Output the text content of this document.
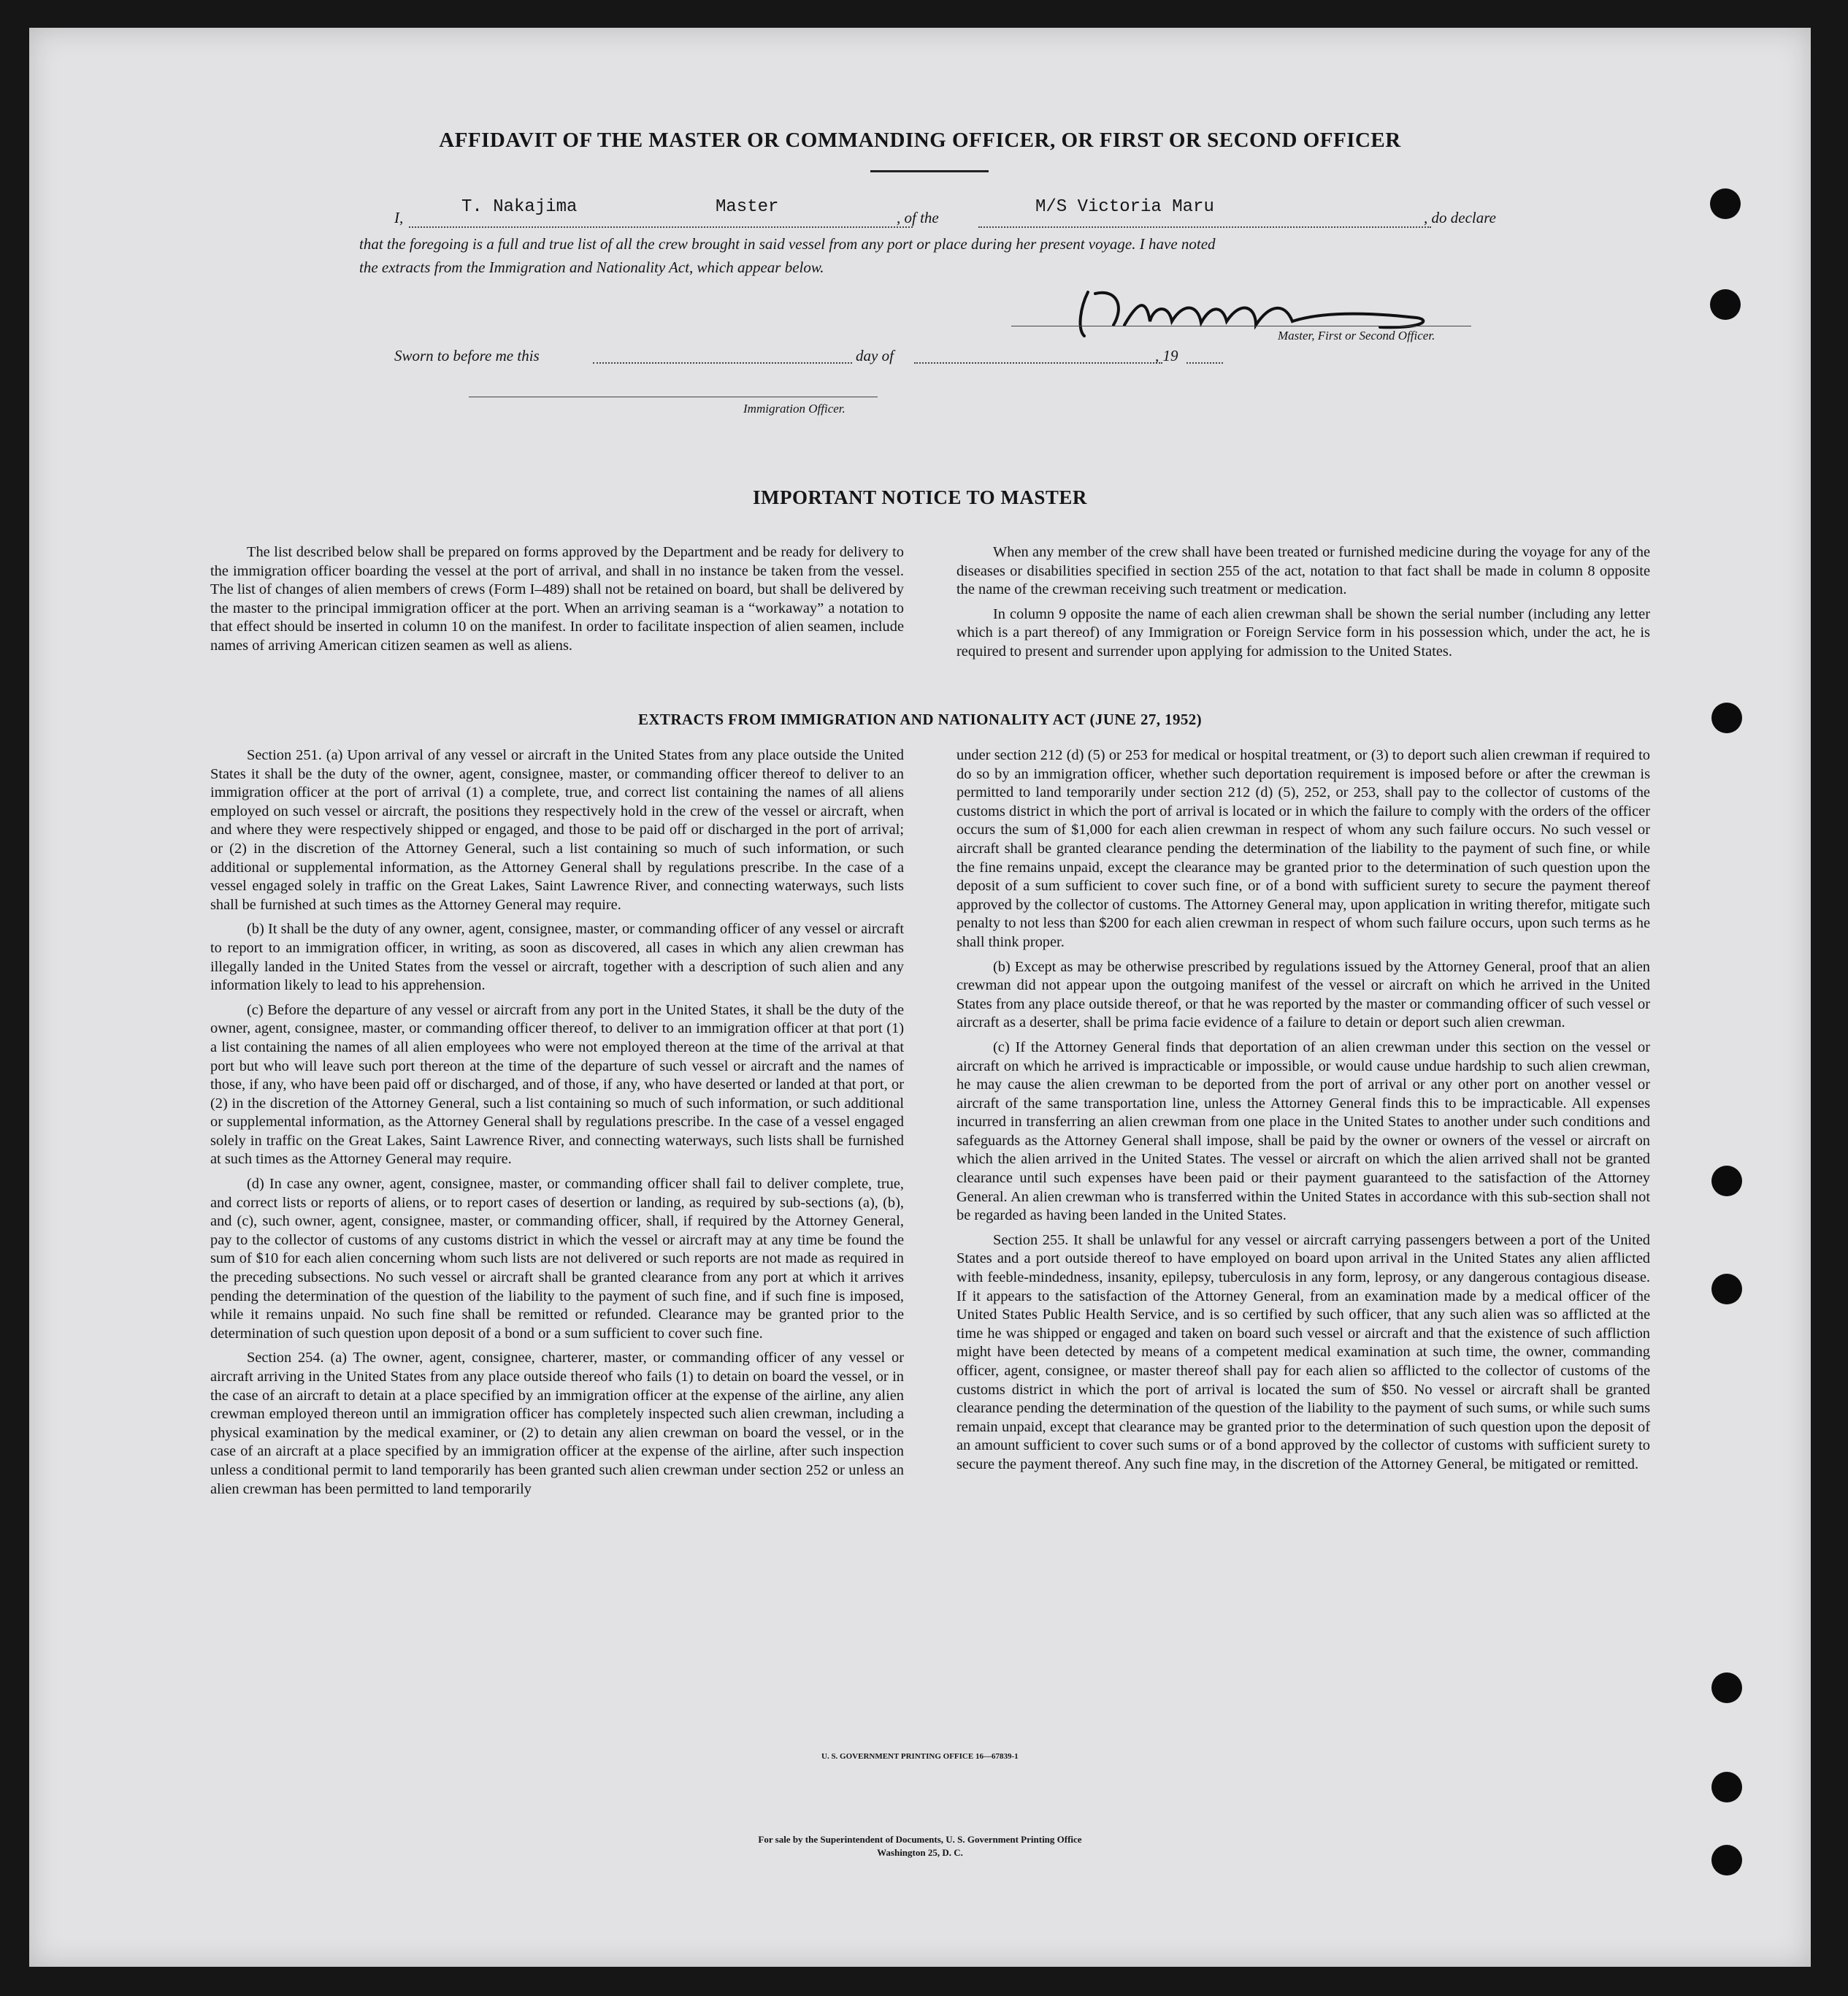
AFFIDAVIT OF THE MASTER OR COMMANDING OFFICER, OR FIRST OR SECOND OFFICER
I,
T. Nakajima	Master
, of the
M/S Victoria Maru
, do declare
that the foregoing is a full and true list of all the crew brought in said vessel from any port or place during her present voyage. I have noted
the extracts from the Immigration and Nationality Act, which appear below.
Master, First or Second Officer.
Sworn to before me this	day of	, 19
Immigration Officer.
IMPORTANT NOTICE TO MASTER

The list described below shall be prepared on forms approved by the Department and be ready for delivery to the immigration officer boarding the vessel at the port of arrival, and shall in no instance be taken from the vessel. The list of changes of alien members of crews (Form I–489) shall not be retained on board, but shall be delivered by the master to the principal immigration officer at the port. When an arriving seaman is a “workaway” a notation to that effect should be inserted in column 10 on the manifest. In order to facilitate inspection of alien seamen, include names of arriving American citizen seamen as well as aliens.

When any member of the crew shall have been treated or furnished medicine during the voyage for any of the diseases or disabilities specified in section 255 of the act, notation to that fact shall be made in column 8 opposite the name of the crewman receiving such treatment or medication.

In column 9 opposite the name of each alien crewman shall be shown the serial number (including any letter which is a part thereof) of any Immigration or Foreign Service form in his possession which, under the act, he is required to present and surrender upon applying for admission to the United States.

EXTRACTS FROM IMMIGRATION AND NATIONALITY ACT (JUNE 27, 1952)

Section 251. (a) Upon arrival of any vessel or aircraft in the United States from any place outside the United States it shall be the duty of the owner, agent, consignee, master, or commanding officer thereof to deliver to an immigration officer at the port of arrival (1) a complete, true, and correct list containing the names of all aliens employed on such vessel or aircraft, the positions they respectively hold in the crew of the vessel or aircraft, when and where they were respectively shipped or engaged, and those to be paid off or discharged in the port of arrival; or (2) in the discretion of the Attorney General, such a list containing so much of such information, or such additional or supplemental information, as the Attorney General shall by regulations prescribe. In the case of a vessel engaged solely in traffic on the Great Lakes, Saint Lawrence River, and connecting waterways, such lists shall be furnished at such times as the Attorney General may require.

(b) It shall be the duty of any owner, agent, consignee, master, or commanding officer of any vessel or aircraft to report to an immigration officer, in writing, as soon as discovered, all cases in which any alien crewman has illegally landed in the United States from the vessel or aircraft, together with a description of such alien and any information likely to lead to his apprehension.

(c) Before the departure of any vessel or aircraft from any port in the United States, it shall be the duty of the owner, agent, consignee, master, or commanding officer thereof, to deliver to an immigration officer at that port (1) a list containing the names of all alien employees who were not employed thereon at the time of the arrival at that port but who will leave such port thereon at the time of the departure of such vessel or aircraft and the names of those, if any, who have been paid off or discharged, and of those, if any, who have deserted or landed at that port, or (2) in the discretion of the Attorney General, such a list containing so much of such information, or such additional or supplemental information, as the Attorney General shall by regulations prescribe. In the case of a vessel engaged solely in traffic on the Great Lakes, Saint Lawrence River, and connecting waterways, such lists shall be furnished at such times as the Attorney General may require.

(d) In case any owner, agent, consignee, master, or commanding officer shall fail to deliver complete, true, and correct lists or reports of aliens, or to report cases of desertion or landing, as required by sub-sections (a), (b), and (c), such owner, agent, consignee, master, or commanding officer, shall, if required by the Attorney General, pay to the collector of customs of any customs district in which the vessel or aircraft may at any time be found the sum of $10 for each alien concerning whom such lists are not delivered or such reports are not made as required in the preceding subsections. No such vessel or aircraft shall be granted clearance from any port at which it arrives pending the determination of the question of the liability to the payment of such fine, and if such fine is imposed, while it remains unpaid. No such fine shall be remitted or refunded. Clearance may be granted prior to the determination of such question upon deposit of a bond or a sum sufficient to cover such fine.

Section 254. (a) The owner, agent, consignee, charterer, master, or commanding officer of any vessel or aircraft arriving in the United States from any place outside thereof who fails (1) to detain on board the vessel, or in the case of an aircraft to detain at a place specified by an immigration officer at the expense of the airline, any alien crewman employed thereon until an immigration officer has completely inspected such alien crewman, including a physical examination by the medical examiner, or (2) to detain any alien crewman on board the vessel, or in the case of an aircraft at a place specified by an immigration officer at the expense of the airline, after such inspection unless a conditional permit to land temporarily has been granted such alien crewman under section 252 or unless an alien crewman has been permitted to land temporarily

under section 212 (d) (5) or 253 for medical or hospital treatment, or (3) to deport such alien crewman if required to do so by an immigration officer, whether such deportation requirement is imposed before or after the crewman is permitted to land temporarily under section 212 (d) (5), 252, or 253, shall pay to the collector of customs of the customs district in which the port of arrival is located or in which the failure to comply with the orders of the officer occurs the sum of $1,000 for each alien crewman in respect of whom any such failure occurs. No such vessel or aircraft shall be granted clearance pending the determination of the liability to the payment of such fine, or while the fine remains unpaid, except the clearance may be granted prior to the determination of such question upon the deposit of a sum sufficient to cover such fine, or of a bond with sufficient surety to secure the payment thereof approved by the collector of customs. The Attorney General may, upon application in writing therefor, mitigate such penalty to not less than $200 for each alien crewman in respect of whom such failure occurs, upon such terms as he shall think proper.

(b) Except as may be otherwise prescribed by regulations issued by the Attorney General, proof that an alien crewman did not appear upon the outgoing manifest of the vessel or aircraft on which he arrived in the United States from any place outside thereof, or that he was reported by the master or commanding officer of such vessel or aircraft as a deserter, shall be prima facie evidence of a failure to detain or deport such alien crewman.

(c) If the Attorney General finds that deportation of an alien crewman under this section on the vessel or aircraft on which he arrived is impracticable or impossible, or would cause undue hardship to such alien crewman, he may cause the alien crewman to be deported from the port of arrival or any other port on another vessel or aircraft of the same transportation line, unless the Attorney General finds this to be impracticable. All expenses incurred in transferring an alien crewman from one place in the United States to another under such conditions and safeguards as the Attorney General shall impose, shall be paid by the owner or owners of the vessel or aircraft on which the alien arrived in the United States. The vessel or aircraft on which the alien arrived shall not be granted clearance until such expenses have been paid or their payment guaranteed to the satisfaction of the Attorney General. An alien crewman who is transferred within the United States in accordance with this sub-section shall not be regarded as having been landed in the United States.

Section 255. It shall be unlawful for any vessel or aircraft carrying passengers between a port of the United States and a port outside thereof to have employed on board upon arrival in the United States any alien afflicted with feeble-mindedness, insanity, epilepsy, tuberculosis in any form, leprosy, or any dangerous contagious disease. If it appears to the satisfaction of the Attorney General, from an examination made by a medical officer of the United States Public Health Service, and is so certified by such officer, that any such alien was so afflicted at the time he was shipped or engaged and taken on board such vessel or aircraft and that the existence of such affliction might have been detected by means of a competent medical examination at such time, the owner, commanding officer, agent, consignee, or master thereof shall pay for each alien so afflicted to the collector of customs of the customs district in which the port of arrival is located the sum of $50. No vessel or aircraft shall be granted clearance pending the determination of the question of the liability to the payment of such sums, or while such sums remain unpaid, except that clearance may be granted prior to the determination of such question upon the deposit of an amount sufficient to cover such sums or of a bond approved by the collector of customs with sufficient surety to secure the payment thereof. Any such fine may, in the discretion of the Attorney General, be mitigated or remitted.

U. S. GOVERNMENT PRINTING OFFICE 16—67839-1
For sale by the Superintendent of Documents, U. S. Government Printing Office
Washington 25, D. C.
